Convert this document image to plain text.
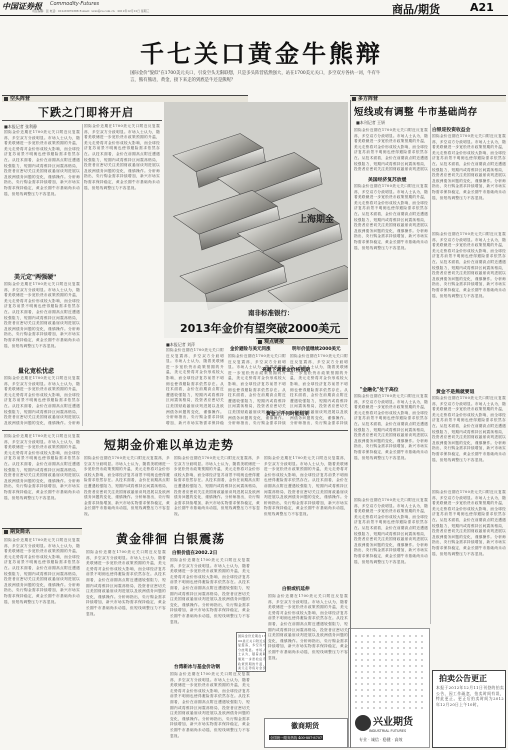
中国证券报 Commodity·Futures
责任编辑：张 电话：010-63070388 E-mail：xxxx@cs.com.cn　2012年12月12日 星期三	商品/期货	A21
千七关口黄金牛熊辩
国际金价"貌似"在1700美元关口，引发空头无限联想，只是多头阵营依然强大，站在1700美元关口，多空双方各执一词，牛有牛言，熊有熊语，黄金，接下来走的到底是牛还是熊呢？
空头阵营	多方阵营
下跌之门即将开启
■本报记者 张利静
国际金价近期在1700美元关口附近反复震荡，多空双方分歧明显。市场人士认为，随着美联储进一步宽松货币政策预期的升温，美元走势将对金价形成较大影响，而全球经济复苏前景不明朗也使得避险需求依然存在。从技术面看，金价在前期高点附近遭遇较强阻力，短期内或将维持区间震荡格局，投资者应密切关注美国财政悬崖谈判进展以及欧洲债务问题的变化，谨慎操作。分析师指出，央行购金需求持续增加，新兴市场实物需求保持稳定，黄金长期牛市基础尚未动摇，但短线调整压力不容忽视。
国际金价近期在1700美元关口附近反复震荡，多空双方分歧明显。市场人士认为，随着美联储进一步宽松货币政策预期的升温，美元走势将对金价形成较大影响，而全球经济复苏前景不明朗也使得避险需求依然存在。从技术面看，金价在前期高点附近遭遇较强阻力，短期内或将维持区间震荡格局，投资者应密切关注美国财政悬崖谈判进展以及欧洲债务问题的变化，谨慎操作。分析师指出，央行购金需求持续增加，新兴市场实物需求保持稳定，黄金长期牛市基础尚未动摇，但短线调整压力不容忽视。
美元定"两强硬"
国际金价近期在1700美元关口附近反复震荡，多空双方分歧明显。市场人士认为，随着美联储进一步宽松货币政策预期的升温，美元走势将对金价形成较大影响，而全球经济复苏前景不明朗也使得避险需求依然存在。从技术面看，金价在前期高点附近遭遇较强阻力，短期内或将维持区间震荡格局，投资者应密切关注美国财政悬崖谈判进展以及欧洲债务问题的变化，谨慎操作。分析师指出，央行购金需求持续增加，新兴市场实物需求保持稳定，黄金长期牛市基础尚未动摇，但短线调整压力不容忽视。
量化宽松忧虑
国际金价近期在1700美元关口附近反复震荡，多空双方分歧明显。市场人士认为，随着美联储进一步宽松货币政策预期的升温，美元走势将对金价形成较大影响，而全球经济复苏前景不明朗也使得避险需求依然存在。从技术面看，金价在前期高点附近遭遇较强阻力，短期内或将维持区间震荡格局，投资者应密切关注美国财政悬崖谈判进展以及欧洲债务问题的变化，谨慎操作。分析师
上海期金
南非标准银行：
2013年金价有望突破2000美元
■本报记者 刘萍
国际金价近期在1700美元关口附近反复震荡，多空双方分歧明显。市场人士认为，随着美联储进一步宽松货币政策预期的升温，美元走势将对金价形成较大影响，而全球经济复苏前景不明朗也使得避险需求依然存在。从技术面看，金价在前期高点附近遭遇较强阻力，短期内或将维持区间震荡格局，投资者应密切关注美国财政悬崖谈判进展以及欧洲债务问题的变化，谨慎操作。分析师指出，央行购金需求持续增加，新兴市场实物需求保持稳
金价避险与美元同涨
国际金价近期在1700美元关口附近反复震荡，多空双方分歧明显。市场人士认为，随着美联储进一步宽松货币政策预期的升温，美元走势将对金价形成较大影响，而全球经济复苏前景不明朗也使得避险需求依然存在。从技术面看，金价在前期高点附近遭遇较强阻力，短期内或将维持区间震荡格局，投资者应密切关注美国财政悬崖谈判进展以及欧洲债务问题的变化，谨慎操作。分析师指出，央行购金需求持续
明年价值继续2000美元
国际金价近期在1700美元关口附近反复震荡，多空双方分歧明显。市场人士认为，随着美联储进一步宽松货币政策预期的升温，美元走势将对金价形成较大影响，而全球经济复苏前景不明朗也使得避险需求依然存在。从技术面看，金价在前期高点附近遭遇较强阻力，短期内或将维持区间震荡格局，投资者应密切关注美国财政悬崖谈判进展以及欧洲债务问题的变化，谨慎操作。分析师指出，央行购金需求持续
观点链接
亮最下调黄金价格预期
黄金上升何时能结束
短线或有调整 牛市基础尚存
■本刊记者 王妍
国际金价近期在1700美元关口附近反复震荡，多空双方分歧明显。市场人士认为，随着美联储进一步宽松货币政策预期的升温，美元走势将对金价形成较大影响，而全球经济复苏前景不明朗也使得避险需求依然存在。从技术面看，金价在前期高点附近遭遇较强阻力，短期内或将维持区间震荡格局，投资者应密切关注美国财政悬崖谈判进展以
白银迎投资收益会
国际金价近期在1700美元关口附近反复震荡，多空双方分歧明显。市场人士认为，随着美联储进一步宽松货币政策预期的升温，美元走势将对金价形成较大影响，而全球经济复苏前景不明朗也使得避险需求依然存在。从技术面看，金价在前期高点附近遭遇较强阻力，短期内或将维持区间震荡格局，投资者应密切关注美国财政悬崖谈判进展以及欧洲债务问题的变化，谨慎操作。分析师指出，央行购金需求持续增加，新兴市场实物需求保持稳定，黄金长期牛市基础尚未动摇，但短线调整压力不容忽视。
美国经济复苏放缓
国际金价近期在1700美元关口附近反复震荡，多空双方分歧明显。市场人士认为，随着美联储进一步宽松货币政策预期的升温，美元走势将对金价形成较大影响，而全球经济复苏前景不明朗也使得避险需求依然存在。从技术面看，金价在前期高点附近遭遇较强阻力，短期内或将维持区间震荡格局，投资者应密切关注美国财政悬崖谈判进展以及欧洲债务问题的变化，谨慎操作。分析师指出，央行购金需求持续增加，新兴市场实物需求保持稳定，黄金长期牛市基础尚未动摇，但短线调整压力不容忽视。
国际金价近期在1700美元关口附近反复震荡，多空双方分歧明显。市场人士认为，随着美联储进一步宽松货币政策预期的升温，美元走势将对金价形成较大影响，而全球经济复苏前景不明朗也使得避险需求依然存在。从技术面看，金价在前期高点附近遭遇较强阻力，短期内或将维持区间震荡格局，投资者应密切关注美国财政悬崖谈判进展以及欧洲债务问题的变化，谨慎操作。分析师指出，央行购金需求持续增加，新兴市场实物需求保持稳定，黄金长期牛市基础尚未动摇，但短线调整压力不容忽视。
"金融化"处于高位	黄金不是熊就要退
国际金价近期在1700美元关口附近反复震荡，多空双方分歧明显。市场人士认为，随着美联储进一步宽松货币政策预期的升温，美元走势将对金价形成较大影响，而全球经济复苏前景不明朗也使得避险需求依然存在。从技术面看，金价在前期高点附近遭遇较强阻力，短期内或将维持区间震荡格局，投资者应密切关注美国财政悬崖谈判进展以及欧洲债务问题的变化，谨慎操作。分析师指出，央行购金需求持续增加，新兴市场实物需求保持稳定，黄金长期牛市基础尚未动摇，但短线调整压力不容忽视。
国际金价近期在1700美元关口附近反复震荡，多空双方分歧明显。市场人士认为，随着美联储进一步宽松货币政策预期的升温，美元走势将对金价形成较大影响，而全球经济复苏前景不明朗也使得避险需求依然存在。从技术面看，金价在前期高点附近遭遇较强阻力，短期内或将维持区间震荡格局，投资者应密切关注美国财政悬崖谈判进展以及欧洲债务问题的变化，谨慎操作。分析师指出，央行购金需求持续增加，新兴市场实物需求保持稳定，黄金长期牛市基础尚未动摇，但短线调整压力不容忽视。
短期金价难以单边走势
国际金价近期在1700美元关口附近反复震荡，多空双方分歧明显。市场人士认为，随着美联储进一步宽松货币政策预期的升温，美元走势将对金价形成较大影响，而全球经济复苏前景不明朗也使得避险需求依然存在。从技术面看，金价在前期高点附近遭遇较强阻力，短期内或将维持区间震荡格局，投资者应密切关注美国财政悬崖谈判进展以及欧洲债务问题的变化，谨慎操作。分析师指出，央行购金需求持续增加，新兴市场实物需求保持稳定，黄金长期牛市基础尚未动摇，但短线调整压力不容忽视。
国际金价近期在1700美元关口附近反复震荡，多空双方分歧明显。市场人士认为，随着美联储进一步宽松货币政策预期的升温，美元走势将对金价形成较大影响，而全球经济复苏前景不明朗也使得避险需求依然存在。从技术面看，金价在前期高点附近遭遇较强阻力，短期内或将维持区间震荡格局，投资者应密切关注美国财政悬崖谈判进展以及欧洲债务问题的变化，谨慎操作。分析师指出，央行购金需求持续增加，新兴市场实物需求保持稳定，黄金长期牛市基础尚未动摇，但短线调整压力不容忽视。
国际金价近期在1700美元关口附近反复震荡，多空双方分歧明显。市场人士认为，随着美联储进一步宽松货币政策预期的升温，美元走势将对金价形成较大影响，而全球经济复苏前景不明朗也使得避险需求依然存在。从技术面看，金价在前期高点附近遭遇较强阻力，短期内或将维持区间震荡格局，投资者应密切关注美国财政悬崖谈判进展以及欧洲债务问题的变化，谨慎操作。分析师指出，央行购金需求持续增加，新兴市场实物需求保持稳定，黄金长期牛市基础尚未动摇，但短线调整压力不容忽视。
国际金价近期在1700美元关口附近反复震荡，多空双方分歧明显。市场人士认为，随着美联储进一步宽松货币政策预期的升温，美元走势将对金价形成较大影响，而全球经济复苏前景不明朗也使得避险需求依然存在。从技术面看，金价在前期高点附近遭遇较强阻力，短期内或将维持区间震荡格局，投资者应密切关注美国财政悬崖谈判进展以及欧洲债务问题的变化，谨慎操作。分析师指出，央行购金需求持续增加，新兴市场实物需求保持稳定，黄金长期牛市基础尚未动摇，但短线调整压力不容忽视。
期货简讯
国际金价近期在1700美元关口附近反复震荡，多空双方分歧明显。市场人士认为，随着美联储进一步宽松货币政策预期的升温，美元走势将对金价形成较大影响，而全球经济复苏前景不明朗也使得避险需求依然存在。从技术面看，金价在前期高点附近遭遇较强阻力，短期内或将维持区间震荡格局，投资者应密切关注美国财政悬崖谈判进展以及欧洲债务问题的变化，谨慎操作。分析师指出，央行购金需求持续增加，新兴市场实物需求保持稳定，黄金长期牛市基础尚未动摇，但短线调整压力不容忽视。
黄金徘徊 白银震荡
国际金价近期在1700美元关口附近反复震荡，多空双方分歧明显。市场人士认为，随着美联储进一步宽松货币政策预期的升温，美元走势将对金价形成较大影响，而全球经济复苏前景不明朗也使得避险需求依然存在。从技术面看，金价在前期高点附近遭遇较强阻力，短期内或将维持区间震荡格局，投资者应密切关注美国财政悬崖谈判进展以及欧洲债务问题的变化，谨慎操作。分析师指出，央行购金需求持续增加，新兴市场实物需求保持稳定，黄金长期牛市基础尚未动摇，但短线调整压力不容忽视。
白银价值在2002.2日
国际金价近期在1700美元关口附近反复震荡，多空双方分歧明显。市场人士认为，随着美联储进一步宽松货币政策预期的升温，美元走势将对金价形成较大影响，而全球经济复苏前景不明朗也使得避险需求依然存在。从技术面看，金价在前期高点附近遭遇较强阻力，短期内或将维持区间震荡格局，投资者应密切关注美国财政悬崖谈判进展以及欧洲债务问题的变化，谨慎操作。分析师指出，央行购金需求持续增加，新兴市场实物需求保持稳定，黄金长期牛市基础尚未动摇，但短线调整压力不容忽视。
台湾新冰与基金价功钢
国际金价近期在1700美元关口附近反复震荡，多空双方分歧明显。市场人士认为，随着美联储进一步宽松货币政策预期的升温，美元走势将对金价形成较大影响，而全球经济复苏前景不明朗也使得避险需求依然存在。从技术面看，金价在前期高点附近遭遇较强阻力，短期内或将维持区间震荡格局，投资者应密切关注美国财政悬崖谈判进展以及欧洲债务问题的变化，谨慎操作。分析师指出，央行购金需求持续增加，新兴市场实物需求保持稳定，黄金长期牛市基础尚未动摇，但短线调整压力不容忽视。
国际金价近期在1700美元关口附近反复震荡，多空双方分歧明显。市场人士认为，随着美联储进一步宽松货币政策预期的升温，美元走势将对金价
白银或机延伸
国际金价近期在1700美元关口附近反复震荡，多空双方分歧明显。市场人士认为，随着美联储进一步宽松货币政策预期的升温，美元走势将对金价形成较大影响，而全球经济复苏前景不明朗也使得避险需求依然存在。从技术面看，金价在前期高点附近遭遇较强阻力，短期内或将维持区间震荡格局，投资者应密切关注美国财政悬崖谈判进展以及欧洲债务问题的变化，谨慎操作。分析师指出，央行购金需求持续增加，新兴市场实物需求保持稳定，黄金长期牛市基础尚未动摇，但短线调整压力不容忽视。
国际金价近期在1700美元关口附近反复震荡，多空双方分歧明显。市场人士认为，随着美联储进一步宽松货币政策预期的升温，美元走势将对金价形成较大影响，而全球经济复苏前景不明朗也使得避险需求依然存在。从技术面看，金价在前期高点附近遭遇较强阻力，短期内或将维持区间震荡格局，投资者应密切关注美国财政悬崖谈判进展以及欧洲债务问题的变化，谨慎操作。分析师指出，央行购金需求持续增加，新兴市场实物需求保持稳定，黄金长期牛市基础尚未动摇，但短线调整压力不容忽视。
国际金价近期在1700美元关口附近反复震荡，多空双方分歧明显。市场人士认为，随着美联储进一步宽松货币政策预期的升温，美元走势将对金价形成较大影响，而全球经济复苏前景不明朗也使得避险需求依然存在。从技术面看，金价在前期高点附近遭遇较强阻力，短期内或将维持区间震荡格局，投资者应密切关注美国财政悬崖谈判进展以及欧洲债务问题的变化，谨慎操作。分析师指出，央行购金需求持续增加，新兴市场实物需求保持稳定，黄金长期牛市基础尚未动摇，但短线调整压力不容忽视。
兴业期货
INDUSTRIAL FUTURES
专业 · 诚信 · 稳健 · 高效
徽商期货
全国统一服务热线 400-887-8707
拍卖公告更正
本报于2012年12月11日刊登的拍卖公告，因工作疏忽，拍卖时间有误，特此更正。更正后拍卖时间为2012年12月20日上午10时。
